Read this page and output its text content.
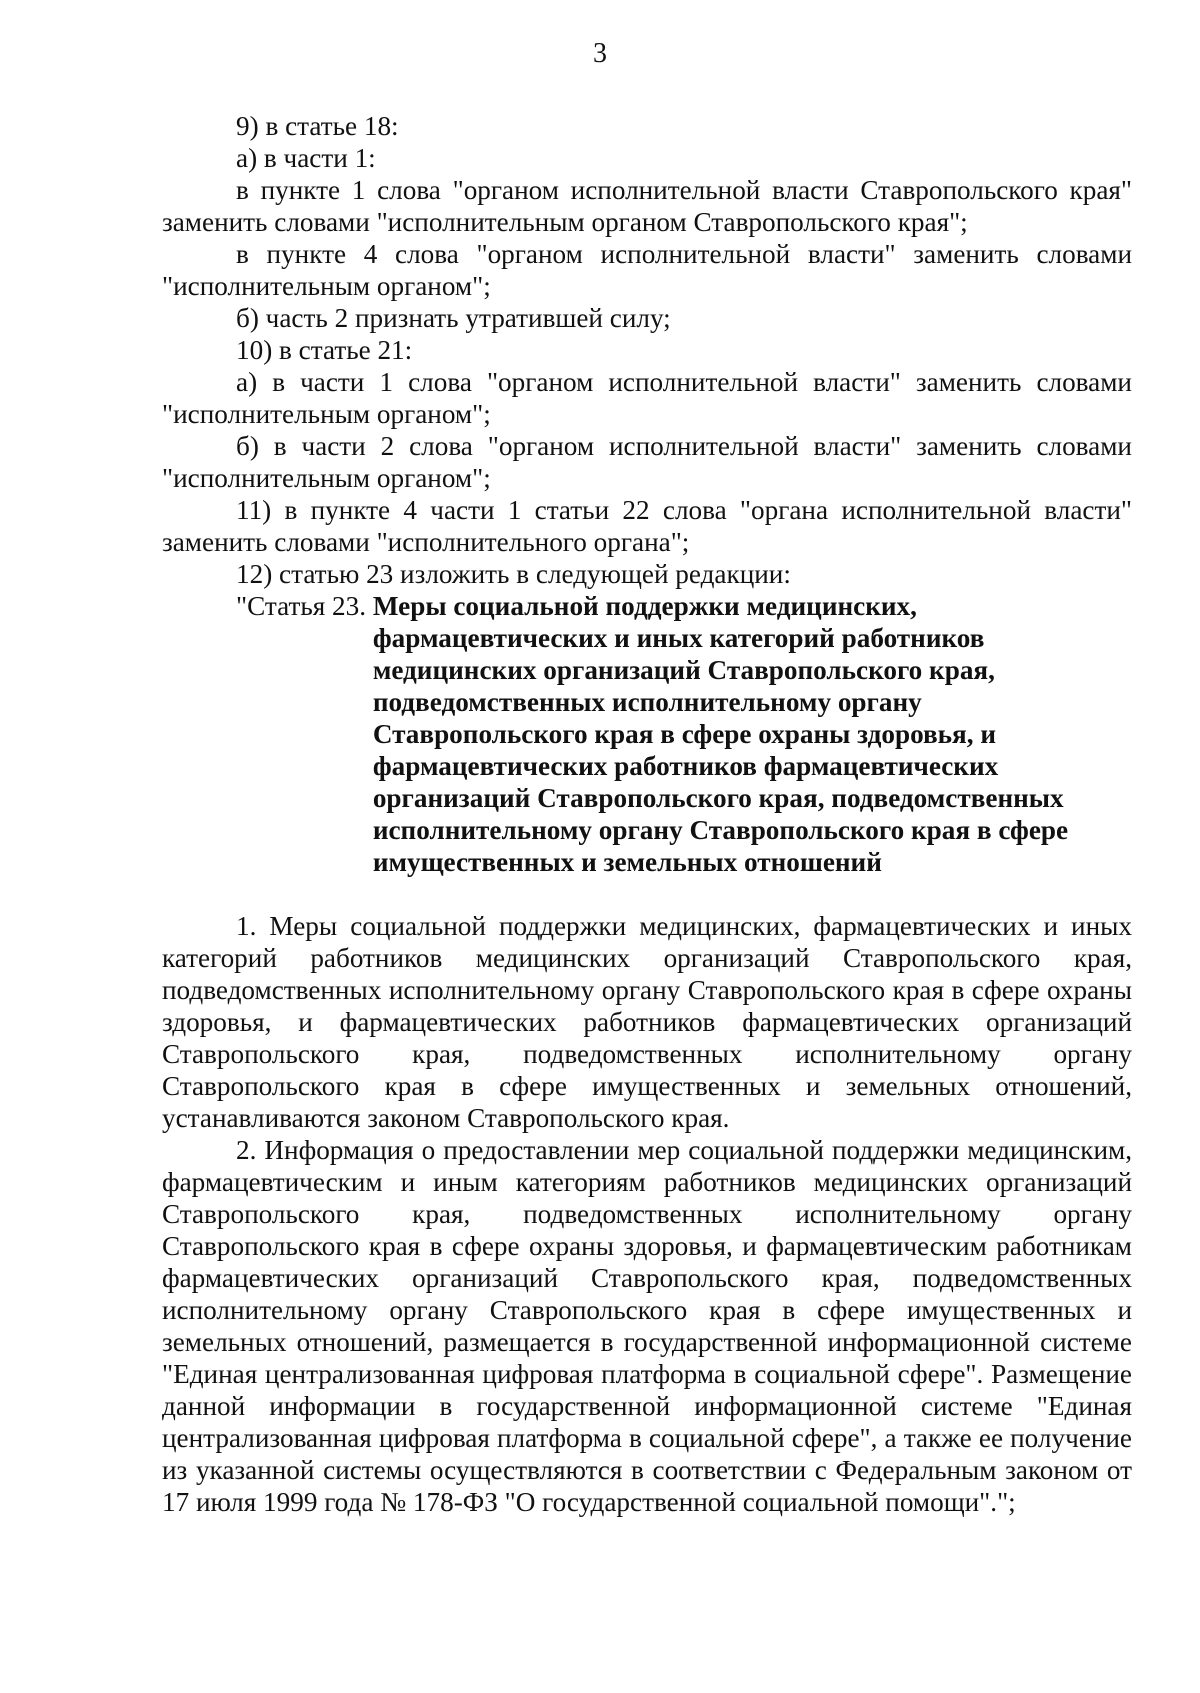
3

9) в статье 18:

а) в части 1:

в пункте 1 слова "органом исполнительной власти Ставропольского края" заменить словами "исполнительным органом Ставропольского края";

в пункте 4 слова "органом исполнительной власти" заменить словами "исполнительным органом";

б) часть 2 признать утратившей силу;

10) в статье 21:

а) в части 1 слова "органом исполнительной власти" заменить словами "исполнительным органом";

б) в части 2 слова "органом исполнительной власти" заменить словами "исполнительным органом";

11) в пункте 4 части 1 статьи 22 слова "органа исполнительной власти" заменить словами "исполнительного органа";

12) статью 23 изложить в следующей редакции:

"Статья 23. Меры социальной поддержки медицинских,
фармацевтических и иных категорий работников
медицинских организаций Ставропольского края,
подведомственных исполнительному органу
Ставропольского края в сфере охраны здоровья, и
фармацевтических работников фармацевтических
организаций Ставропольского края, подведомственных
исполнительному органу Ставропольского края в сфере
имущественных и земельных отношений

1. Меры социальной поддержки медицинских, фармацевтических и иных категорий работников медицинских организаций Ставропольского края, подведомственных исполнительному органу Ставропольского края в сфере охраны здоровья, и фармацевтических работников фармацевтических организаций Ставропольского края, подведомственных исполнительному органу Ставропольского края в сфере имущественных и земельных отношений, устанавливаются законом Ставропольского края.

2. Информация о предоставлении мер социальной поддержки медицинским, фармацевтическим и иным категориям работников медицинских организаций Ставропольского края, подведомственных исполнительному органу Ставропольского края в сфере охраны здоровья, и фармацевтическим работникам фармацевтических организаций Ставропольского края, подведомственных исполнительному органу Ставропольского края в сфере имущественных и земельных отношений, размещается в государственной информационной системе "Единая централизованная цифровая платформа в социальной сфере". Размещение данной информации в государственной информационной системе "Единая централизованная цифровая платформа в социальной сфере", а также ее получение из указанной системы осуществляются в соответствии с Федеральным законом от 17 июля 1999 года № 178-ФЗ "О государственной социальной помощи".";
